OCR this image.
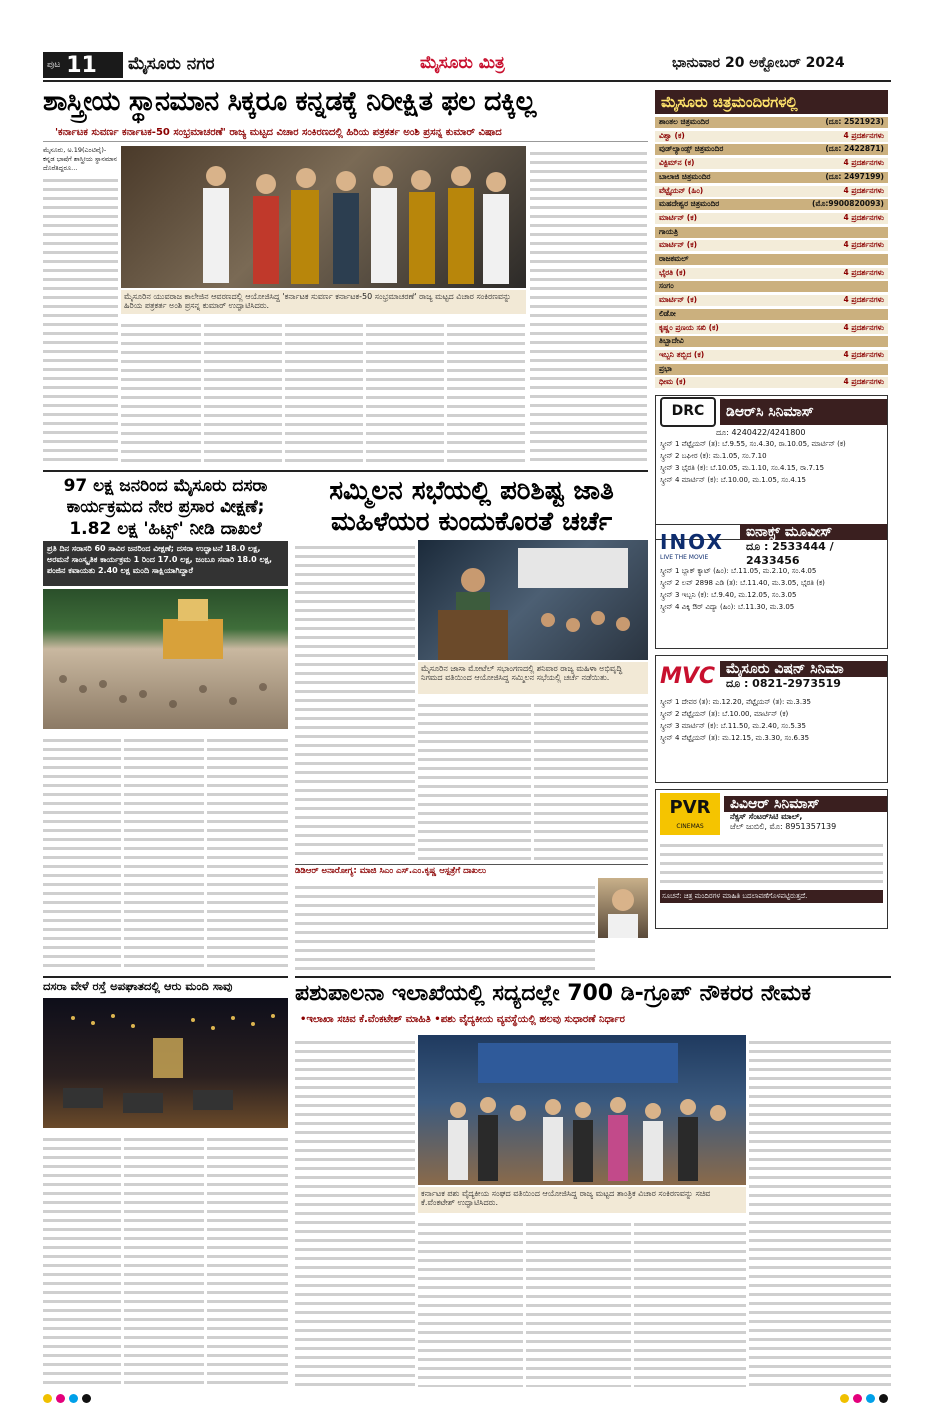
ಪುಟ 11 ಮೈಸೂರು ನಗರ	ಮೈಸೂರು ಮಿತ್ರ	ಭಾನುವಾರ 20 ಅಕ್ಟೋಬರ್ 2024
ಶಾಸ್ತ್ರೀಯ ಸ್ಥಾನಮಾನ ಸಿಕ್ಕರೂ ಕನ್ನಡಕ್ಕೆ ನಿರೀಕ್ಷಿತ ಫಲ ದಕ್ಕಿಲ್ಲ
'ಕರ್ನಾಟಕ ಸುವರ್ಣ ಕರ್ನಾಟಕ-50 ಸಂಭ್ರಮಾಚರಣೆ' ರಾಜ್ಯ ಮಟ್ಟದ ವಿಚಾರ ಸಂಕಿರಣದಲ್ಲಿ ಹಿರಿಯ ಪತ್ರಕರ್ತ ಅಂಶಿ ಪ್ರಸನ್ನ ಕುಮಾರ್ ವಿಷಾದ
ಮೈಸೂರು, ಅ.19(ಎಂಟಿವೈ)- ಕನ್ನಡ ಭಾಷೆಗೆ ಶಾಸ್ತ್ರೀಯ ಸ್ಥಾನಮಾನ ದೊರೆತಿದ್ದರೂ...
ಮೈಸೂರಿನ ಯುವರಾಜ ಕಾಲೇಜಿನ ಆವರಣದಲ್ಲಿ ಆಯೋಜಿಸಿದ್ದ 'ಕರ್ನಾಟಕ ಸುವರ್ಣ ಕರ್ನಾಟಕ-50 ಸಂಭ್ರಮಾಚರಣೆ' ರಾಜ್ಯ ಮಟ್ಟದ ವಿಚಾರ ಸಂಕಿರಣವನ್ನು ಹಿರಿಯ ಪತ್ರಕರ್ತ ಅಂಶಿ ಪ್ರಸನ್ನ ಕುಮಾರ್ ಉದ್ಘಾಟಿಸಿದರು.
97 ಲಕ್ಷ ಜನರಿಂದ ಮೈಸೂರು ದಸರಾ ಕಾರ್ಯಕ್ರಮದ ನೇರ ಪ್ರಸಾರ ವೀಕ್ಷಣೆ; 1.82 ಲಕ್ಷ 'ಹಿಟ್ಸ್' ನೀಡಿ ದಾಖಲೆ
ಪ್ರತಿ ದಿನ ಸರಾಸರಿ 60 ಸಾವಿರ ಜನರಿಂದ ವೀಕ್ಷಣೆ; ದಸರಾ ಉದ್ಘಾಟನೆ 18.0 ಲಕ್ಷ, ಅರಮನೆ ಸಾಂಸ್ಕೃತಿಕ ಕಾರ್ಯಕ್ರಮ 1 ರಿಂದ 17.0 ಲಕ್ಷ, ಜಂಬೂ ಸವಾರಿ 18.0 ಲಕ್ಷ, ಪಂಜಿನ ಕವಾಯತು 2.40 ಲಕ್ಷ ಮಂದಿ ಸಾಕ್ಷಿಯಾಗಿದ್ದಾರೆ
ಸಮ್ಮಿಲನ ಸಭೆಯಲ್ಲಿ ಪರಿಶಿಷ್ಟ ಜಾತಿ ಮಹಿಳೆಯರ ಕುಂದುಕೊರತೆ ಚರ್ಚೆ
ಮೈಸೂರಿನ ಜಾಸಾ ಮೋಟೆಲ್ ಸಭಾಂಗಣದಲ್ಲಿ ಶನಿವಾರ ರಾಜ್ಯ ಮಹಿಳಾ ಅಭಿವೃದ್ಧಿ ನಿಗಮದ ವತಿಯಿಂದ ಆಯೋಜಿಸಿದ್ದ ಸಮ್ಮಿಲನ ಸಭೆಯಲ್ಲಿ ಚರ್ಚೆ ನಡೆಯಿತು.
ಡಿಡಿಆರ್ ಅನಾರೋಗ್ಯ: ಮಾಜಿ ಸಿಎಂ ಎಸ್.ಎಂ.ಕೃಷ್ಣ ಆಸ್ಪತ್ರೆಗೆ ದಾಖಲು
ದಸರಾ ವೇಳೆ ರಸ್ತೆ ಅಪಘಾತದಲ್ಲಿ ಆರು ಮಂದಿ ಸಾವು	ಪಶುಪಾಲನಾ ಇಲಾಖೆಯಲ್ಲಿ ಸದ್ಯದಲ್ಲೇ 700 ಡಿ-ಗ್ರೂಪ್ ನೌಕರರ ನೇಮಕ
•ಇಲಾಖಾ ಸಚಿವ ಕೆ.ವೆಂಕಟೇಶ್ ಮಾಹಿತಿ •ಪಶು ವೈದ್ಯಕೀಯ ವ್ಯವಸ್ಥೆಯಲ್ಲಿ ಹಲವು ಸುಧಾರಣೆ ನಿರ್ಧಾರ
ಕರ್ನಾಟಕ ಪಶು ವೈದ್ಯಕೀಯ ಸಂಘದ ವತಿಯಿಂದ ಆಯೋಜಿಸಿದ್ದ ರಾಜ್ಯ ಮಟ್ಟದ ತಾಂತ್ರಿಕ ವಿಚಾರ ಸಂಕಿರಣವನ್ನು ಸಚಿವ ಕೆ.ವೆಂಕಟೇಶ್ ಉದ್ಘಾಟಿಸಿದರು.
ಮೈಸೂರು ಚಿತ್ರಮಂದಿರಗಳಲ್ಲಿ
ಶಾಂತಲ ಚಿತ್ರಮಂದಿರ	(ದೂ: 2521923)
ವಿಶ್ವಾ (ಕ)	4 ಪ್ರದರ್ಶನಗಳು
ವುಡ್‌ಲ್ಯಾಂಡ್ಸ್ ಚಿತ್ರಮಂದಿರ	(ದೂ: 2422871)
ವಿಕ್ಟಿಮ್‌ನ (ಕ)	4 ಪ್ರದರ್ಶನಗಳು
ಬಾಲಾಜಿ ಚಿತ್ರಮಂದಿರ	(ದೂ: 2497199)
ವೆಟ್ಟೈಯನ್ (ಹಿಂ)	4 ಪ್ರದರ್ಶನಗಳು
ಮಹದೇಶ್ವರ ಚಿತ್ರಮಂದಿರ	(ಮೊ:9900820093)
ಮಾರ್ಟಿನ್ (ಕ)	4 ಪ್ರದರ್ಶನಗಳು
ಗಾಯತ್ರಿ
ಮಾರ್ಟಿನ್ (ಕ)	4 ಪ್ರದರ್ಶನಗಳು
ರಾಜಕಮಲ್
ಭೈರತಿ (ಕ)	4 ಪ್ರದರ್ಶನಗಳು
ಸಂಗಂ
ಮಾರ್ಟಿನ್ (ಕ)	4 ಪ್ರದರ್ಶನಗಳು
ಲಿಡೋ
ಕೃಷ್ಣಂ ಪ್ರಣಯ ಸಖಿ (ಕ)	4 ಪ್ರದರ್ಶನಗಳು
ತಿಬ್ಬಾದೇವಿ
ಇಬ್ಬನಿ ತಬ್ಬಿದ (ಕ)	4 ಪ್ರದರ್ಶನಗಳು
ಪ್ರಭಾ
ಧೀಮ (ಕ)	4 ಪ್ರದರ್ಶನಗಳು
DRC	ಡಿಆರ್‌ಸಿ ಸಿನಿಮಾಸ್
ದೂ: 4240422/4241800
ಸ್ಕ್ರೀನ್ 1 ವೆಟ್ಟೈಯನ್ (ತ): ಬೆ.9.55, ಸಂ.4.30, ರಾ.10.05, ಮಾರ್ಟಿನ್ (ಕ)
ಸ್ಕ್ರೀನ್ 2 ಬಘೀರ (ಕ): ಮ.1.05, ಸಂ.7.10
ಸ್ಕ್ರೀನ್ 3 ಭೈರತಿ (ಕ): ಬೆ.10.05, ಮ.1.10, ಸಂ.4.15, ರಾ.7.15
ಸ್ಕ್ರೀನ್ 4 ಮಾರ್ಟಿನ್ (ಕ): ಬೆ.10.00, ಮ.1.05, ಸಂ.4.15
INOX
LIVE THE MOVIE
ಐನಾಕ್ಸ್ ಮೂವೀಸ್
ದೂ : 2533444 / 2433456
ಸ್ಕ್ರೀನ್ 1 ಬ್ಲಾಕ್ ಕ್ಯಾಟ್ (ಹಿಂ): ಬೆ.11.05, ಮ.2.10, ಸಂ.4.05
ಸ್ಕ್ರೀನ್ 2 ಲವ್ 2898 ಎಡಿ (ತ): ಬೆ.11.40, ಮ.3.05, ಭೈರತಿ (ಕ)
ಸ್ಕ್ರೀನ್ 3 ಇಬ್ಬನಿ (ಕ): ಬೆ.9.40, ಮ.12.05, ಸಂ.3.05
ಸ್ಕ್ರೀನ್ 4 ವಿಕ್ಕಿ ಔರ್ ವಿದ್ಯಾ (ಹಿಂ): ಬೆ.11.30, ಮ.3.05
MVC ಮೈಸೂರು ವಿಷನ್ ಸಿನಿಮಾ
ದೂ : 0821-2973519
ಸ್ಕ್ರೀನ್ 1 ದೇವರ (ತ): ಮ.12.20, ವೆಟ್ಟೈಯನ್ (ತ): ಮ.3.35
ಸ್ಕ್ರೀನ್ 2 ವೆಟ್ಟೈಯನ್ (ತ): ಬೆ.10.00, ಮಾರ್ಟಿನ್ (ಕ)
ಸ್ಕ್ರೀನ್ 3 ಮಾರ್ಟಿನ್ (ಕ): ಬೆ.11.50, ಮ.2.40, ಸಂ.5.35
ಸ್ಕ್ರೀನ್ 4 ವೆಟ್ಟೈಯನ್ (ತ): ಮ.12.15, ಮ.3.30, ಸಂ.6.35
PVR
CINEMAS
ಪಿವಿಆರ್ ಸಿನಿಮಾಸ್
ನೆಕ್ಸಸ್ ಸೆಂಟರ್‌ಸಿಟಿ ಮಾಲ್,
ಜೆಲ್ ಜುಬಿಲಿ, ಮೊ: 8951357139
ಸೂಚನೆ: ಚಿತ್ರ ಮಂದಿರಗಳ ಮಾಹಿತಿ ಬದಲಾವಣೆಗೊಳಪಟ್ಟಿರುತ್ತದೆ.
